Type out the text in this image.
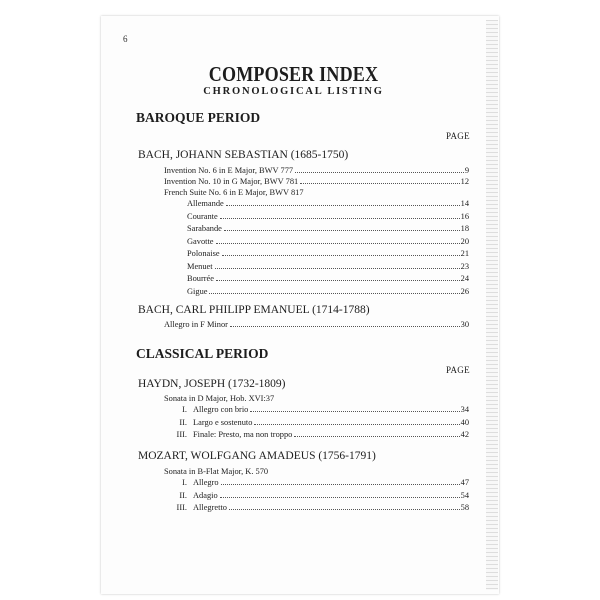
6
COMPOSER INDEX
CHRONOLOGICAL LISTING
BAROQUE PERIOD
PAGE
BACH, JOHANN SEBASTIAN (1685-1750)
Invention No. 6 in E Major, BWV 777	9
Invention No. 10 in G Major, BWV 781	12
French Suite No. 6 in E Major, BWV 817
Allemande	14
Courante	16
Sarabande	18
Gavotte	20
Polonaise	21
Menuet	23
Bourrée	24
Gigue	26
BACH, CARL PHILIPP EMANUEL (1714-1788)
Allegro in F Minor	30
CLASSICAL PERIOD
PAGE
HAYDN, JOSEPH (1732-1809)
Sonata in D Major, Hob. XVI:37
I. Allegro con brio	34
II. Largo e sostenuto	40
III. Finale: Presto, ma non troppo	42
MOZART, WOLFGANG AMADEUS (1756-1791)
Sonata in B-Flat Major, K. 570
I. Allegro	47
II. Adagio	54
III. Allegretto	58
